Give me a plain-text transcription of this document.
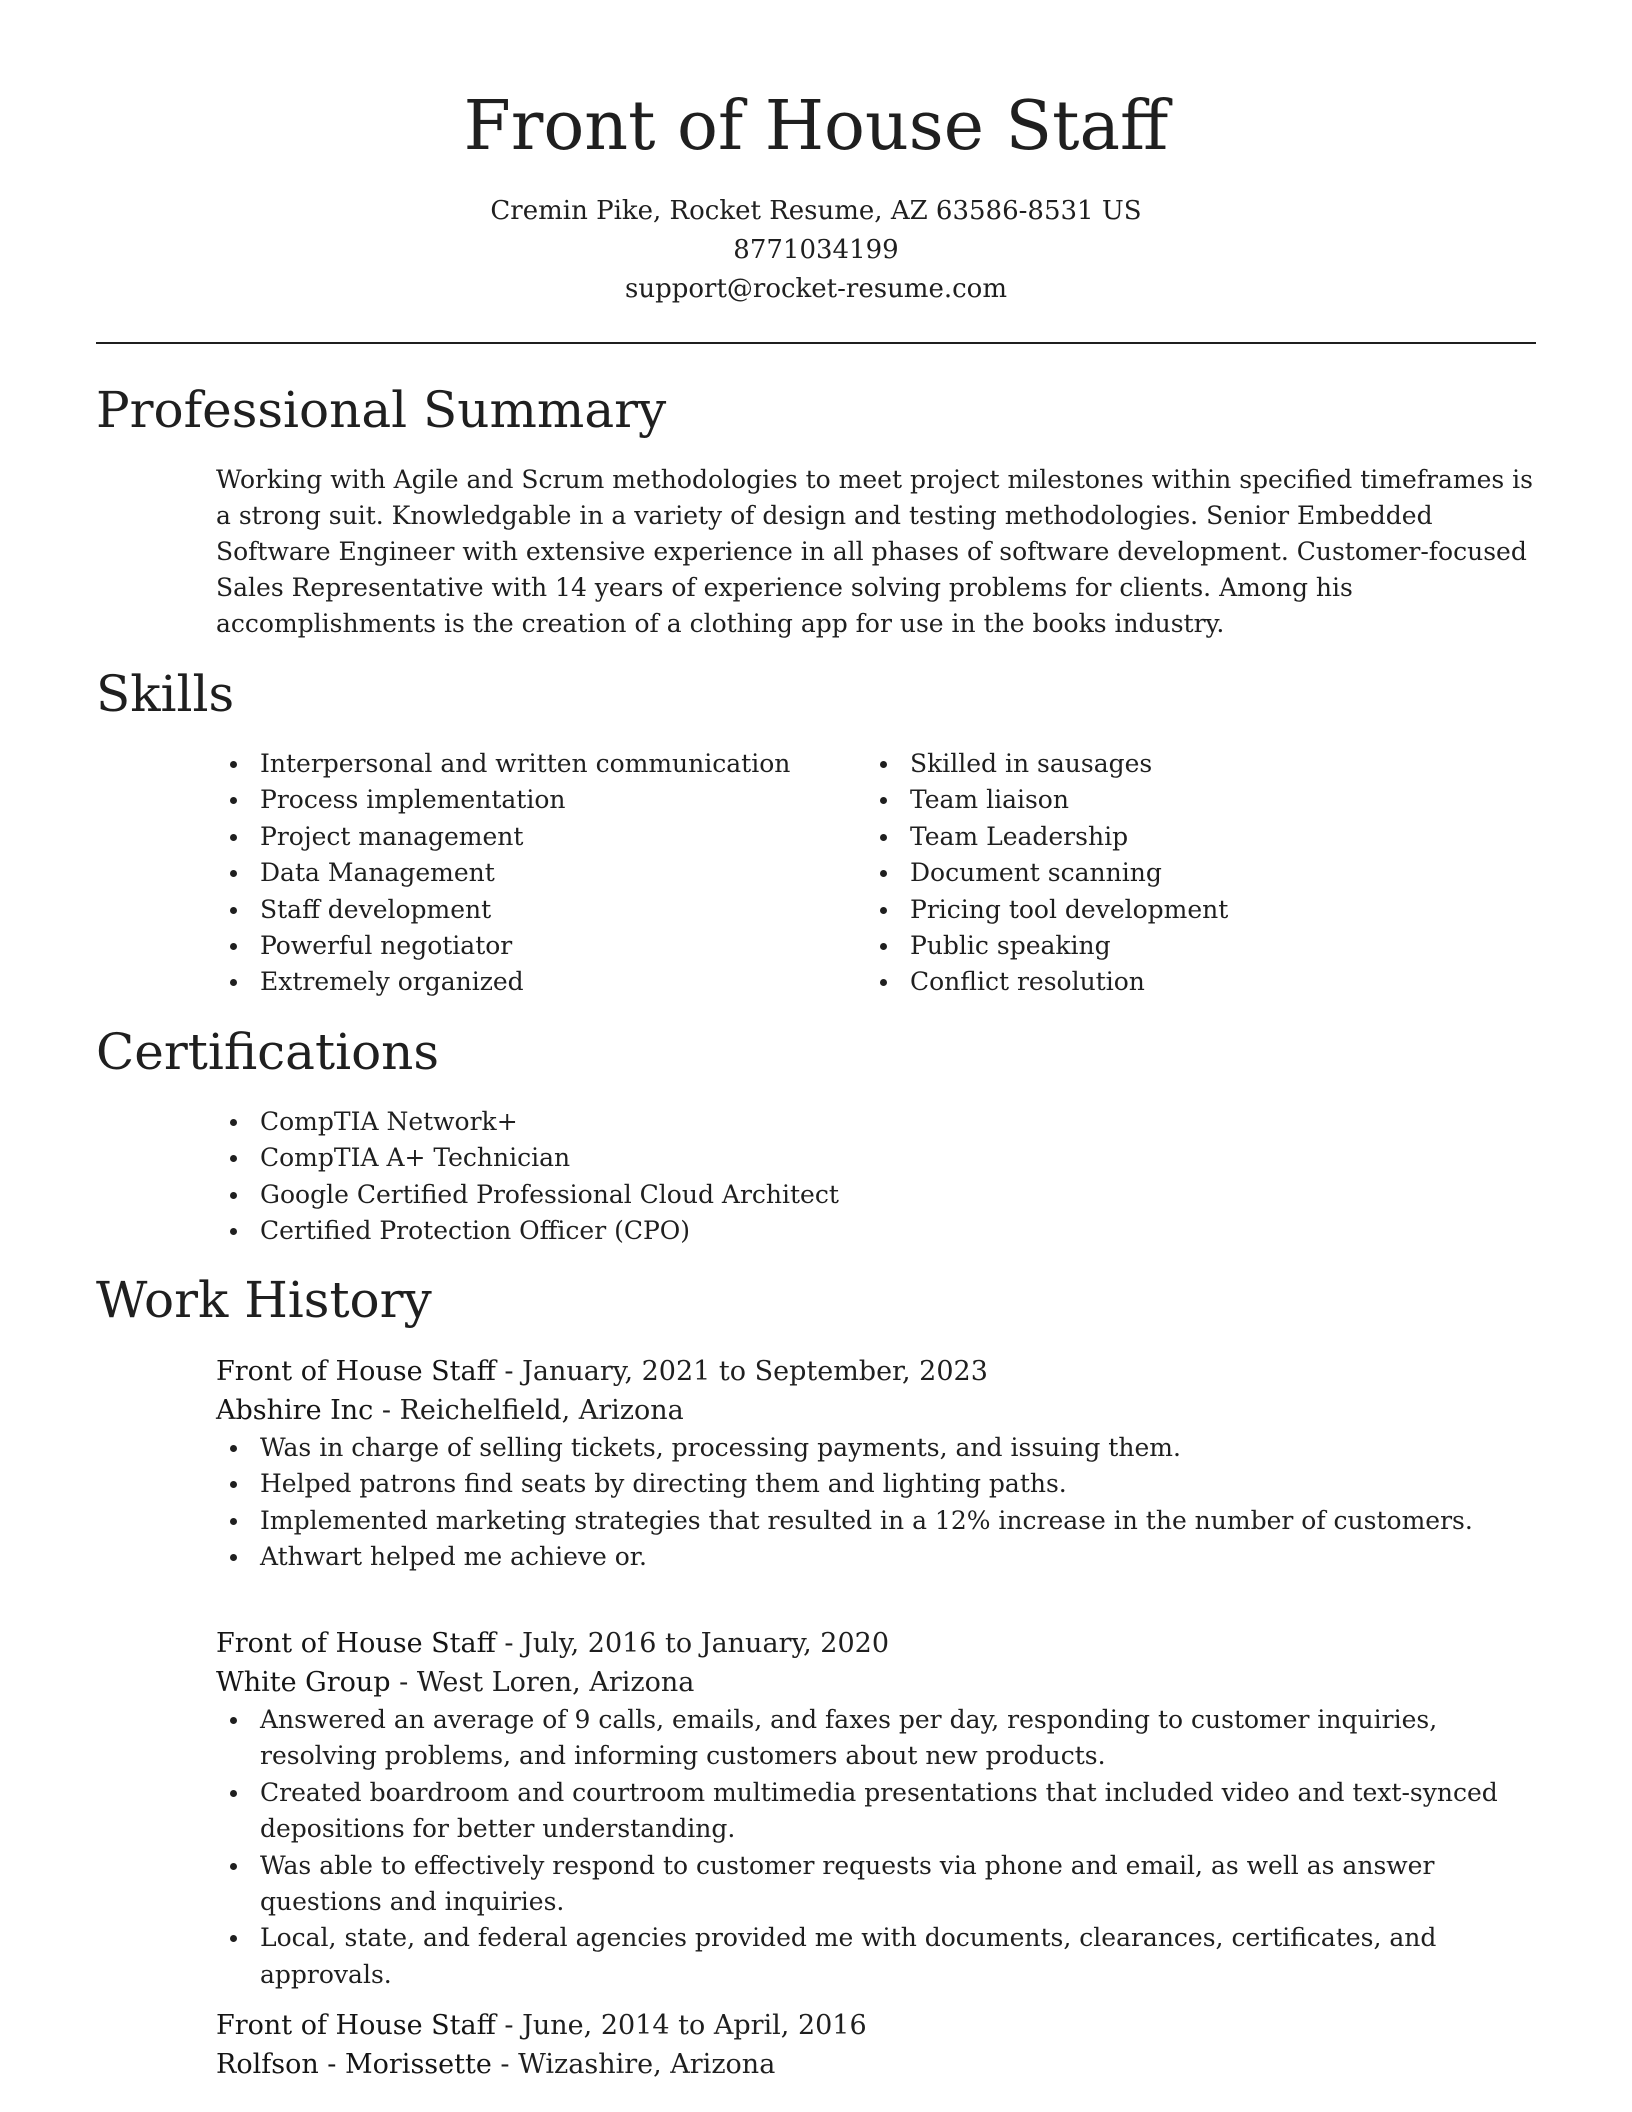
Front of House Staff
Cremin Pike, Rocket Resume, AZ 63586-8531 US
8771034199
support@rocket-resume.com
Professional Summary

Working with Agile and Scrum methodologies to meet project milestones within specified timeframes is a strong suit. Knowledgable in a variety of design and testing methodologies. Senior Embedded Software Engineer with extensive experience in all phases of software development. Customer-focused Sales Representative with 14 years of experience solving problems for clients. Among his accomplishments is the creation of a clothing app for use in the books industry.

Skills
Interpersonal and written communication
Process implementation
Project management
Data Management
Staff development
Powerful negotiator
Extremely organized
Skilled in sausages
Team liaison
Team Leadership
Document scanning
Pricing tool development
Public speaking
Conflict resolution
Certifications
CompTIA Network+
CompTIA A+ Technician
Google Certified Professional Cloud Architect
Certified Protection Officer (CPO)
Work History
Front of House Staff - January, 2021 to September, 2023
Abshire Inc - Reichelfield, Arizona
Was in charge of selling tickets, processing payments, and issuing them.
Helped patrons find seats by directing them and lighting paths.
Implemented marketing strategies that resulted in a 12% increase in the number of customers.
Athwart helped me achieve or.
Front of House Staff - July, 2016 to January, 2020
White Group - West Loren, Arizona
Answered an average of 9 calls, emails, and faxes per day, responding to customer inquiries, resolving problems, and informing customers about new products.
Created boardroom and courtroom multimedia presentations that included video and text-synced depositions for better understanding.
Was able to effectively respond to customer requests via phone and email, as well as answer questions and inquiries.
Local, state, and federal agencies provided me with documents, clearances, certificates, and approvals.
Front of House Staff - June, 2014 to April, 2016
Rolfson - Morissette - Wizashire, Arizona
